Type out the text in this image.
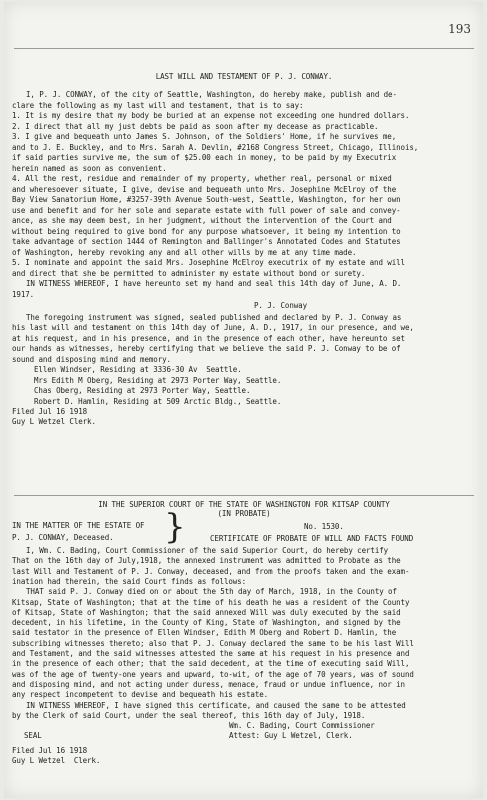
193
LAST WILL AND TESTAMENT OF P. J. CONWAY.
I, P. J. CONWAY, of the city of Seattle, Washington, do hereby make, publish and de-
clare the following as my last will and testament, that is to say:
1. It is my desire that my body be buried at an expense not exceeding one hundred dollars.
2. I direct that all my just debts be paid as soon after my decease as practicable.
3. I give and bequeath unto James S. Johnson, of the Soldiers' Home, if he survives me,
and to J. E. Buckley, and to Mrs. Sarah A. Devlin, #2168 Congress Street, Chicago, Illinois,
if said parties survive me, the sum of $25.00 each in money, to be paid by my Executrix
herein named as soon as convenient.
4. All the rest, residue and remainder of my property, whether real, personal or mixed
and wheresoever situate, I give, devise and bequeath unto Mrs. Josephine McElroy of the
Bay View Sanatorium Home, #3257-39th Avenue South-west, Seattle, Washington, for her own
use and benefit and for her sole and separate estate with full power of sale and convey-
ance, as she may deem best, in her judgment, without the intervention of the Court and
without being required to give bond for any purpose whatsoever, it being my intention to
take advantage of section 1444 of Remington and Ballinger's Annotated Codes and Statutes
of Washington, hereby revoking any and all other wills by me at any time made.
5. I nominate and appoint the said Mrs. Josephine McElroy executrix of my estate and will
and direct that she be permitted to administer my estate without bond or surety.
IN WITNESS WHEREOF, I have hereunto set my hand and seal this 14th day of June, A. D.
1917.
P. J. Conway
The foregoing instrument was signed, sealed published and declared by P. J. Conway as
his last will and testament on this 14th day of June, A. D., 1917, in our presence, and we,
at his request, and in his presence, and in the presence of each other, have hereunto set
our hands as witnesses, hereby certifying that we believe the said P. J. Conway to be of
sound and disposing mind and memory.
Ellen Windser, Residing at 3336-30 Av  Seattle.
Mrs Edith M Oberg, Residing at 2973 Porter Way, Seattle.
Chas Oberg, Residing at 2973 Porter Way, Seattle.
Robert D. Hamlin, Residing at 509 Arctic Bldg., Seattle.
Filed Jul 16 1918
Guy L Wetzel Clerk.
IN THE SUPERIOR COURT OF THE STATE OF WASHINGTON FOR KITSAP COUNTY
(IN PROBATE)
IN THE MATTER OF THE ESTATE OF	No. 1530.
P. J. CONWAY, Deceased.	CERTIFICATE OF PROBATE OF WILL AND FACTS FOUND
I, Wm. C. Bading, Court Commissioner of the said Superior Court, do hereby certify
That on the 16th day of July,1918, the annexed instrument was admitted to Probate as the
last Will and Testament of P. J. Conway, deceased, and from the proofs taken and the exam-
ination had therein, the said Court finds as follows:
THAT said P. J. Conway died on or about the 5th day of March, 1918, in the County of
Kitsap, State of Washington; that at the time of his death he was a resident of the County
of Kitsap, State of Washington; that the said annexed Will was duly executed by the said
decedent, in his lifetime, in the County of King, State of Washington, and signed by the
said testator in the presence of Ellen Windser, Edith M Oberg and Robert D. Hamlin, the
subscribing witnesses thereto; also that P. J. Conway declared the same to be his last Will
and Testament, and the said witnesses attested the same at his request in his presence and
in the presence of each other; that the said decedent, at the time of executing said Will,
was of the age of twenty-one years and upward, to-wit, of the age of 70 years, was of sound
and disposing mind, and not acting under duress, menace, fraud or undue influence, nor in
any respect incompetent to devise and bequeath his estate.
IN WITNESS WHEREOF, I have signed this certificate, and caused the same to be attested
by the Clerk of said Court, under the seal thereof, this 16th day of July, 1918.
Wm. C. Bading, Court Commissioner
SEAL	Attest: Guy L Wetzel, Clerk.
Filed Jul 16 1918
Guy L Wetzel  Clerk.
}
